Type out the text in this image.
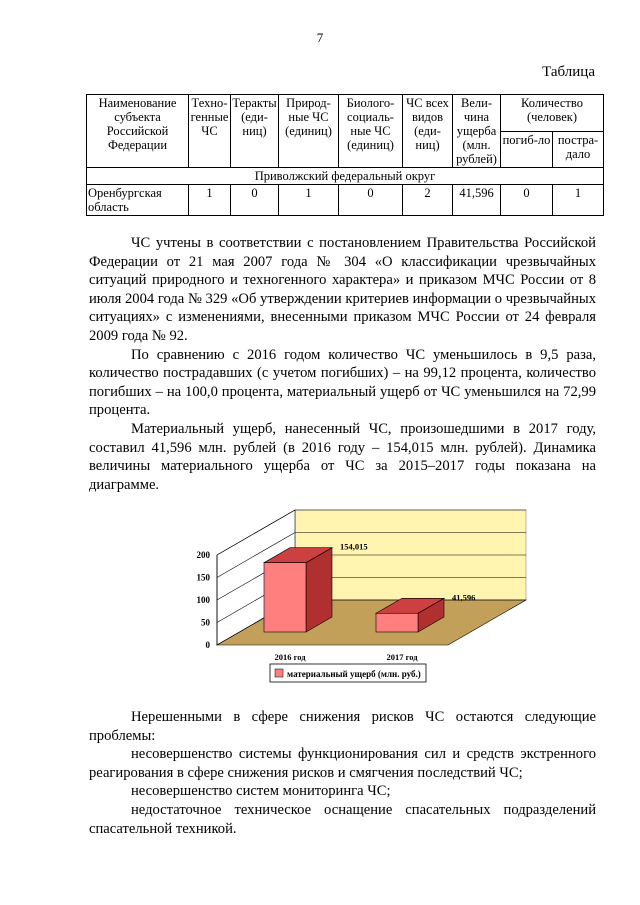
7
Таблица
Наименование субъекта Российской Федерации	Техно-генные ЧС	Теракты (еди-ниц)	Природ-ные ЧС (единиц)	Биолого-социаль-ные ЧС (единиц)	ЧС всех видов (еди-ниц)	Вели-чина ущерба (млн. рублей)	Количество (человек)	
							погиб-ло	постра-дало
Приволжский федеральный округ								
Оренбургская область	1	0	1	0	2	41,596	0	1

ЧС учтены в соответствии с постановлением Правительства Российской Федерации от 21 мая 2007 года № 304 «О классификации чрезвычайных ситуаций природного и техногенного характера» и приказом МЧС России от 8 июля 2004 года № 329 «Об утверждении критериев информации о чрезвычайных ситуациях» с изменениями, внесенными приказом МЧС России от 24 февраля 2009 года № 92.

По сравнению с 2016 годом количество ЧС уменьшилось в 9,5 раза, количество пострадавших (с учетом погибших) – на 99,12 процента, количество погибших – на 100,0 процента, материальный ущерб от ЧС уменьшился на 72,99 процента.

Материальный ущерб, нанесенный ЧС, произошедшими в 2017 году, составил 41,596 млн. рублей (в 2016 году – 154,015 млн. рублей). Динамика величины материального ущерба от ЧС за 2015–2017 годы показана на диаграмме.

0
50
100
150
200
154,015
41,596
2016 год	2017 год
материальный ущерб (млн. руб.)

Нерешенными в сфере снижения рисков ЧС остаются следующие проблемы:

несовершенство системы функционирования сил и средств экстренного реагирования в сфере снижения рисков и смягчения последствий ЧС;

несовершенство систем мониторинга ЧС;

недостаточное техническое оснащение спасательных подразделений спасательной техникой.
